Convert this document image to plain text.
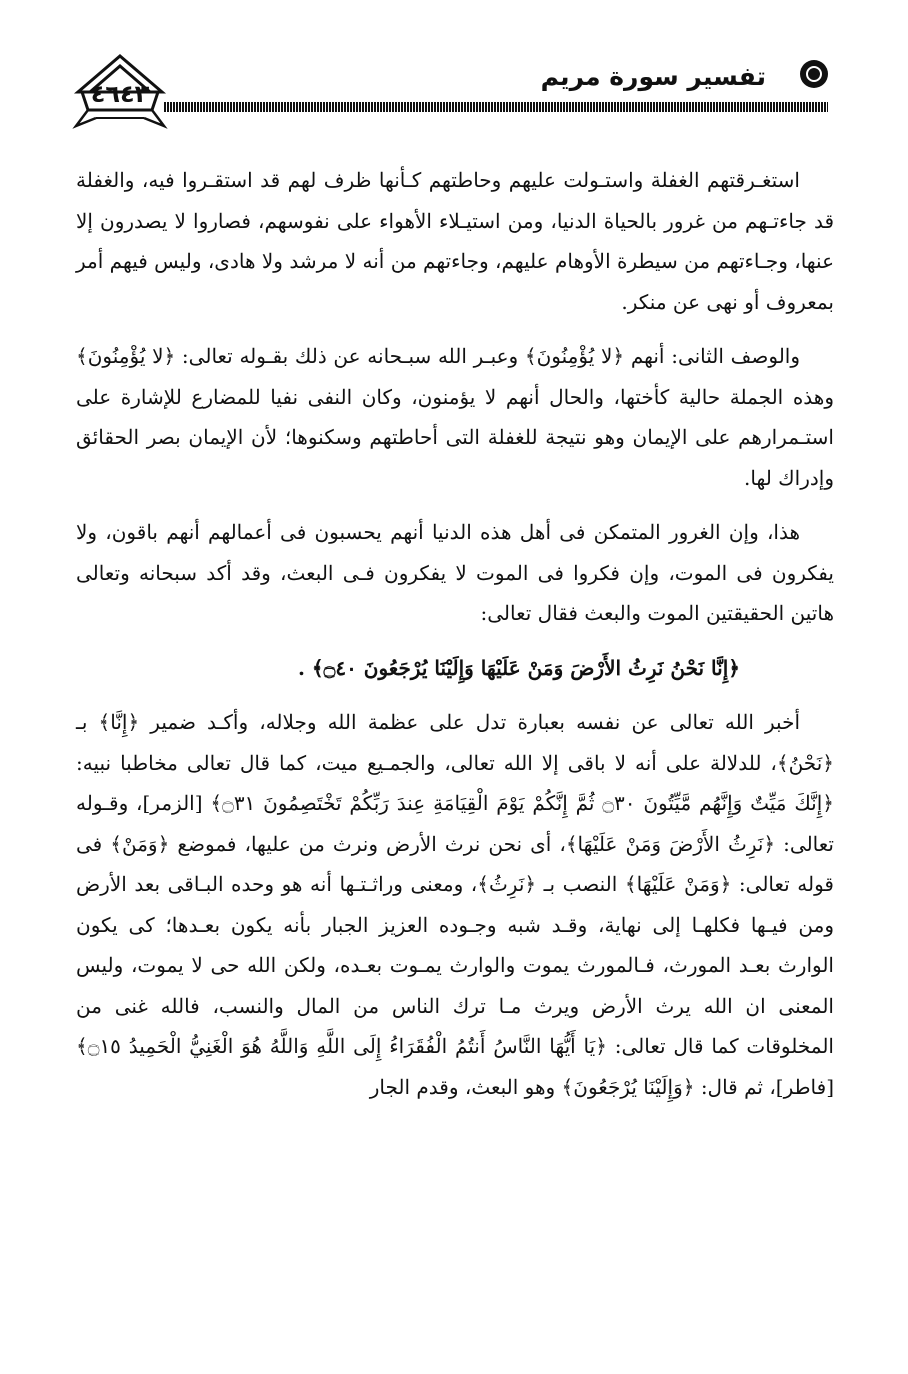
٤٦٤٣
تفسير سورة مريم

استغـرقتهم الغفلة واستـولت عليهم وحاطتهم كـأنها ظرف لهم قد استقـروا فيه، والغفلة قد جاءتـهم من غرور بالحياة الدنيا، ومن استيـلاء الأهواء على نفوسهم، فصاروا لا يصدرون إلا عنها، وجـاءتهم من سيطرة الأوهام عليهم، وجاءتهم من أنه لا مرشد ولا هادى، وليس فيهم أمر بمعروف أو نهى عن منكر.

والوصف الثانى: أنهم ﴿لا يُؤْمِنُونَ﴾ وعبـر الله سبـحانه عن ذلك بقـوله تعالى: ﴿لا يُؤْمِنُونَ﴾ وهذه الجملة حالية كأختها، والحال أنهم لا يؤمنون، وكان النفى نفيا للمضارع للإشارة على استـمرارهم على الإيمان وهو نتيجة للغفلة التى أحاطتهم وسكنوها؛ لأن الإيمان بصر الحقائق وإدراك لها.

هذا، وإن الغرور المتمكن فى أهل هذه الدنيا أنهم يحسبون فى أعمالهم أنهم باقون، ولا يفكرون فى الموت، وإن فكروا فى الموت لا يفكرون فـى البعث، وقد أكد سبحانه وتعالى هاتين الحقيقتين الموت والبعث فقال تعالى:

﴿إِنَّا نَحْنُ نَرِثُ الأَرْضَ وَمَنْ عَلَيْهَا وَإِلَيْنَا يُرْجَعُونَ ۝٤٠﴾ .

أخبر الله تعالى عن نفسه بعبارة تدل على عظمة الله وجلاله، وأكـد ضمير ﴿إِنَّا﴾ بـ ﴿نَحْنُ﴾، للدلالة على أنه لا باقى إلا الله تعالى، والجمـيع ميت، كما قال تعالى مخاطبا نبيه: ﴿إِنَّكَ مَيِّتٌ وَإِنَّهُم مَّيِّتُونَ ۝٣٠ ثُمَّ إِنَّكُمْ يَوْمَ الْقِيَامَةِ عِندَ رَبِّكُمْ تَخْتَصِمُونَ ۝٣١﴾ [الزمر]، وقـوله تعالى: ﴿نَرِثُ الأَرْضَ وَمَنْ عَلَيْهَا﴾، أى نحن نرث الأرض ونرث من عليها، فموضع ﴿وَمَنْ﴾ فى قوله تعالى: ﴿وَمَنْ عَلَيْهَا﴾ النصب بـ ﴿نَرِثُ﴾، ومعنى وراثـتـها أنه هو وحده البـاقى بعد الأرض ومن فيـها فكلهـا إلى نهاية، وقـد شبه وجـوده العزيز الجبار بأنه يكون بعـدها؛ كى يكون الوارث بعـد المورث، فـالمورث يموت والوارث يمـوت بعـده، ولكن الله حى لا يموت، وليس المعنى ان الله يرث الأرض ويرث مـا ترك الناس من المال والنسب، فالله غنى من المخلوقات كما قال تعالى: ﴿يَا أَيُّهَا النَّاسُ أَنتُمُ الْفُقَرَاءُ إِلَى اللَّهِ وَاللَّهُ هُوَ الْغَنِيُّ الْحَمِيدُ ۝١٥﴾ [فاطر]، ثم قال: ﴿وَإِلَيْنَا يُرْجَعُونَ﴾ وهو البعث، وقدم الجار
